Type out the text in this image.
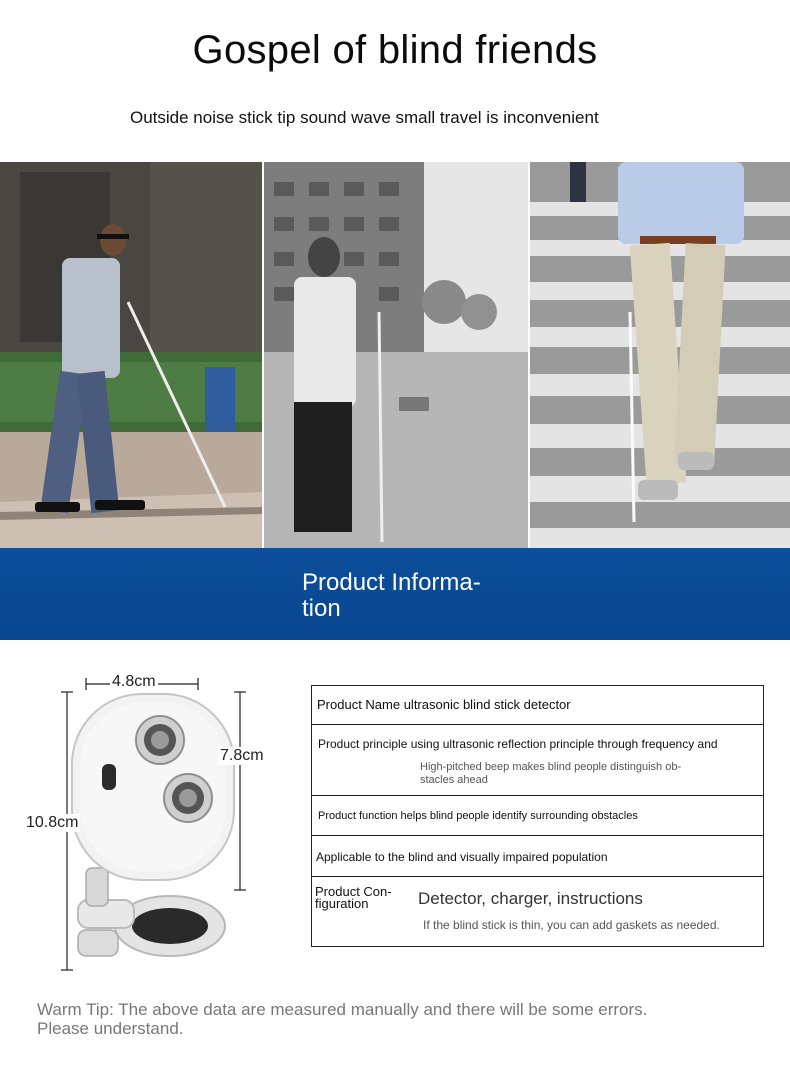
Gospel of blind friends
Outside noise stick tip sound wave small travel is inconvenient
Product Informa-
tion
4.8cm
7.8cm
10.8cm
Product Name ultrasonic blind stick detector
Product principle using ultrasonic reflection principle through frequency and
High-pitched beep makes blind people distinguish ob-
stacles ahead
Product function helps blind people identify surrounding obstacles
Applicable to the blind and visually impaired population
Product Con-
figuration	Detector, charger, instructions
If the blind stick is thin, you can add gaskets as needed.
Warm Tip: The above data are measured manually and there will be some errors.
Please understand.
